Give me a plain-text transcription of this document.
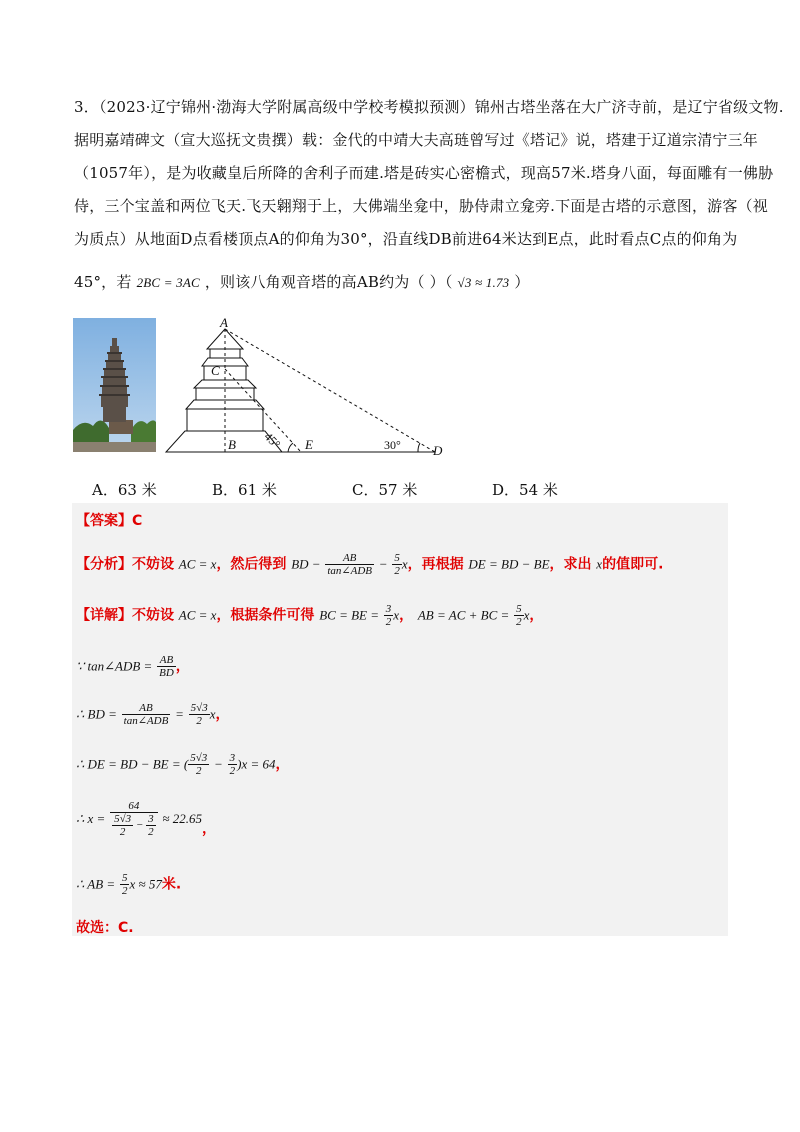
3．（2023·辽宁锦州·渤海大学附属高级中学校考模拟预测）锦州古塔坐落在大广济寺前，是辽宁省级文物.
据明嘉靖碑文（宣大巡抚文贵撰）载：金代的中靖大夫高琏曾写过《塔记》说，塔建于辽道宗清宁三年
（1057年），是为收藏皇后所降的舍利子而建.塔是砖实心密檐式，现高57米.塔身八面，每面雕有一佛胁
侍，三个宝盖和两位飞天.飞天翱翔于上，大佛端坐龛中，胁侍肃立龛旁.下面是古塔的示意图，游客（视
为质点）从地面D点看楼顶点A的仰角为30°，沿直线DB前进64米达到E点，此时看点C点的仰角为
45°，若 2BC = 3AC ，则该八角观音塔的高AB约为（ ）（ √3 ≈ 1.73 ）
A
C
B	E	D
45°	30°
A．63 米	B．61 米	C．57 米	D．54 米
【答案】C
【分析】不妨设 AC = x，然后得到 BD − $\frac{AB}{\text{tan∠ADB}} - \frac{5}{2}$ x，再根据 DE = BD − BE，求出 x的值即可.
【详解】不妨设 AC = x，根据条件可得 BC = BE = $\frac{3}{2}$ x， AB = AC + BC = $\frac{5}{2}$ x，
∵ tan∠ADB = $\frac{AB}{BD}$ ，
∴ BD = $\frac{AB}{\text{tan∠ADB}} = \frac{5√3}{2}$ x，
∴ DE = BD − BE = ( $\frac{5√3}{2} - \frac{3}{2} )x = 64$，
∴ $x = \frac{64}{\frac{5√3}{2} - \frac{3}{2}} \approx 22.65$，
∴ AB = $\frac{5}{2}$ x ≈ 57米.
故选：C.
